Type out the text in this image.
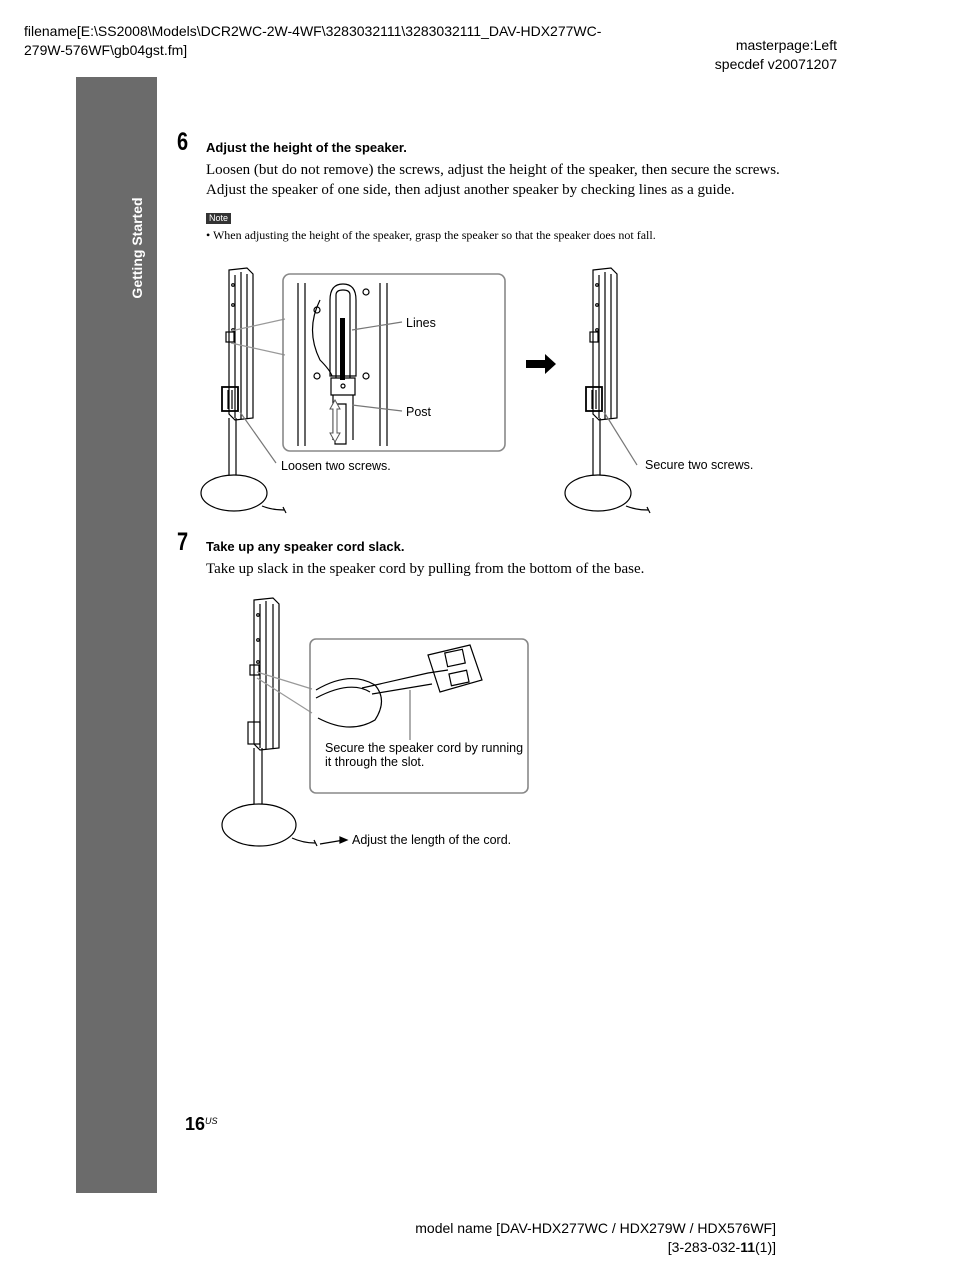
filename[E:\SS2008\Models\DCR2WC-2W-4WF\3283032111\3283032111_DAV-HDX277WC-
279W-576WF\gb04gst.fm]	masterpage:Left
specdef v20071207
Getting Started
6 Adjust the height of the speaker.
Loosen (but do not remove) the screws, adjust the height of the speaker, then secure the screws.
Adjust the speaker of one side, then adjust another speaker by checking lines as a guide.
Note
• When adjusting the height of the speaker, grasp the speaker so that the speaker does not fall.
Lines
Post
Loosen two screws.	Secure two screws.
7 Take up any speaker cord slack.
Take up slack in the speaker cord by pulling from the bottom of the base.
Secure the speaker cord by running
it through the slot.
Adjust the length of the cord.
$16^{US}$
model name [DAV-HDX277WC / HDX279W / HDX576WF]
[3-283-032-11(1)]
